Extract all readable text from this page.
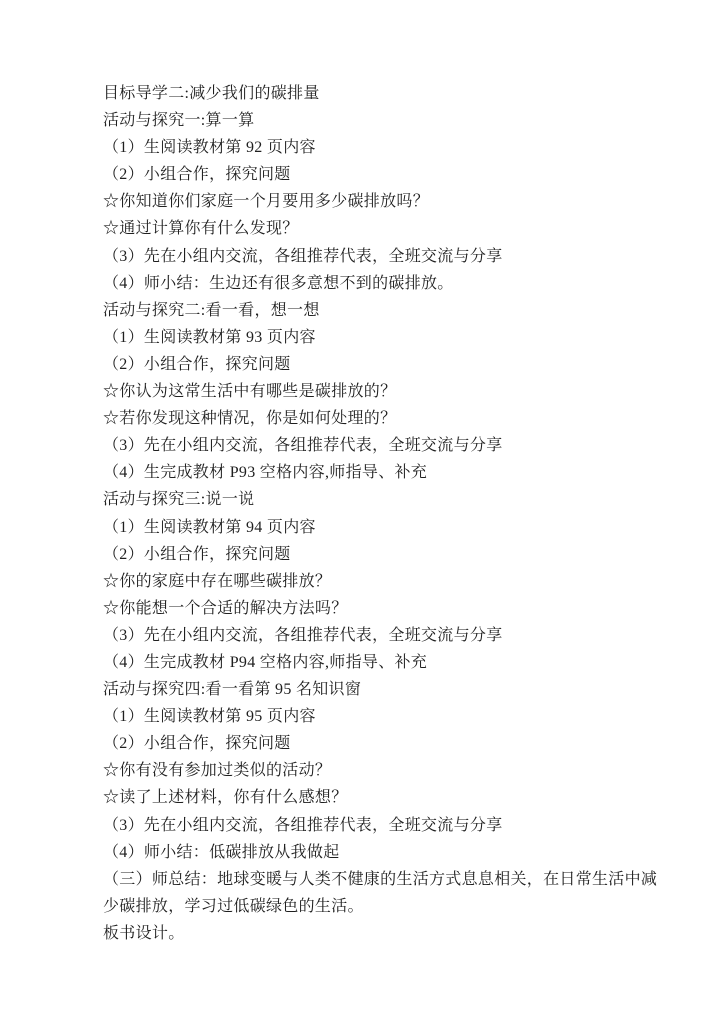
目标导学二:减少我们的碳排量

活动与探究一:算一算

（1）生阅读教材第 92 页内容

（2）小组合作，探究问题

☆你知道你们家庭一个月要用多少碳排放吗？

☆通过计算你有什么发现？

（3）先在小组内交流，各组推荐代表，全班交流与分享

（4）师小结：生边还有很多意想不到的碳排放。

活动与探究二:看一看，想一想

（1）生阅读教材第 93 页内容

（2）小组合作，探究问题

☆你认为这常生活中有哪些是碳排放的？

☆若你发现这种情况，你是如何处理的？

（3）先在小组内交流，各组推荐代表，全班交流与分享

（4）生完成教材 P93 空格内容,师指导、补充

活动与探究三:说一说

（1）生阅读教材第 94 页内容

（2）小组合作，探究问题

☆你的家庭中存在哪些碳排放？

☆你能想一个合适的解决方法吗？

（3）先在小组内交流，各组推荐代表，全班交流与分享

（4）生完成教材 P94 空格内容,师指导、补充

活动与探究四:看一看第 95 名知识窗

（1）生阅读教材第 95 页内容

（2）小组合作，探究问题

☆你有没有参加过类似的活动？

☆读了上述材料，你有什么感想？

（3）先在小组内交流，各组推荐代表，全班交流与分享

（4）师小结：低碳排放从我做起

（三）师总结：地球变暖与人类不健康的生活方式息息相关，在日常生活中减

少碳排放，学习过低碳绿色的生活。

板书设计。
